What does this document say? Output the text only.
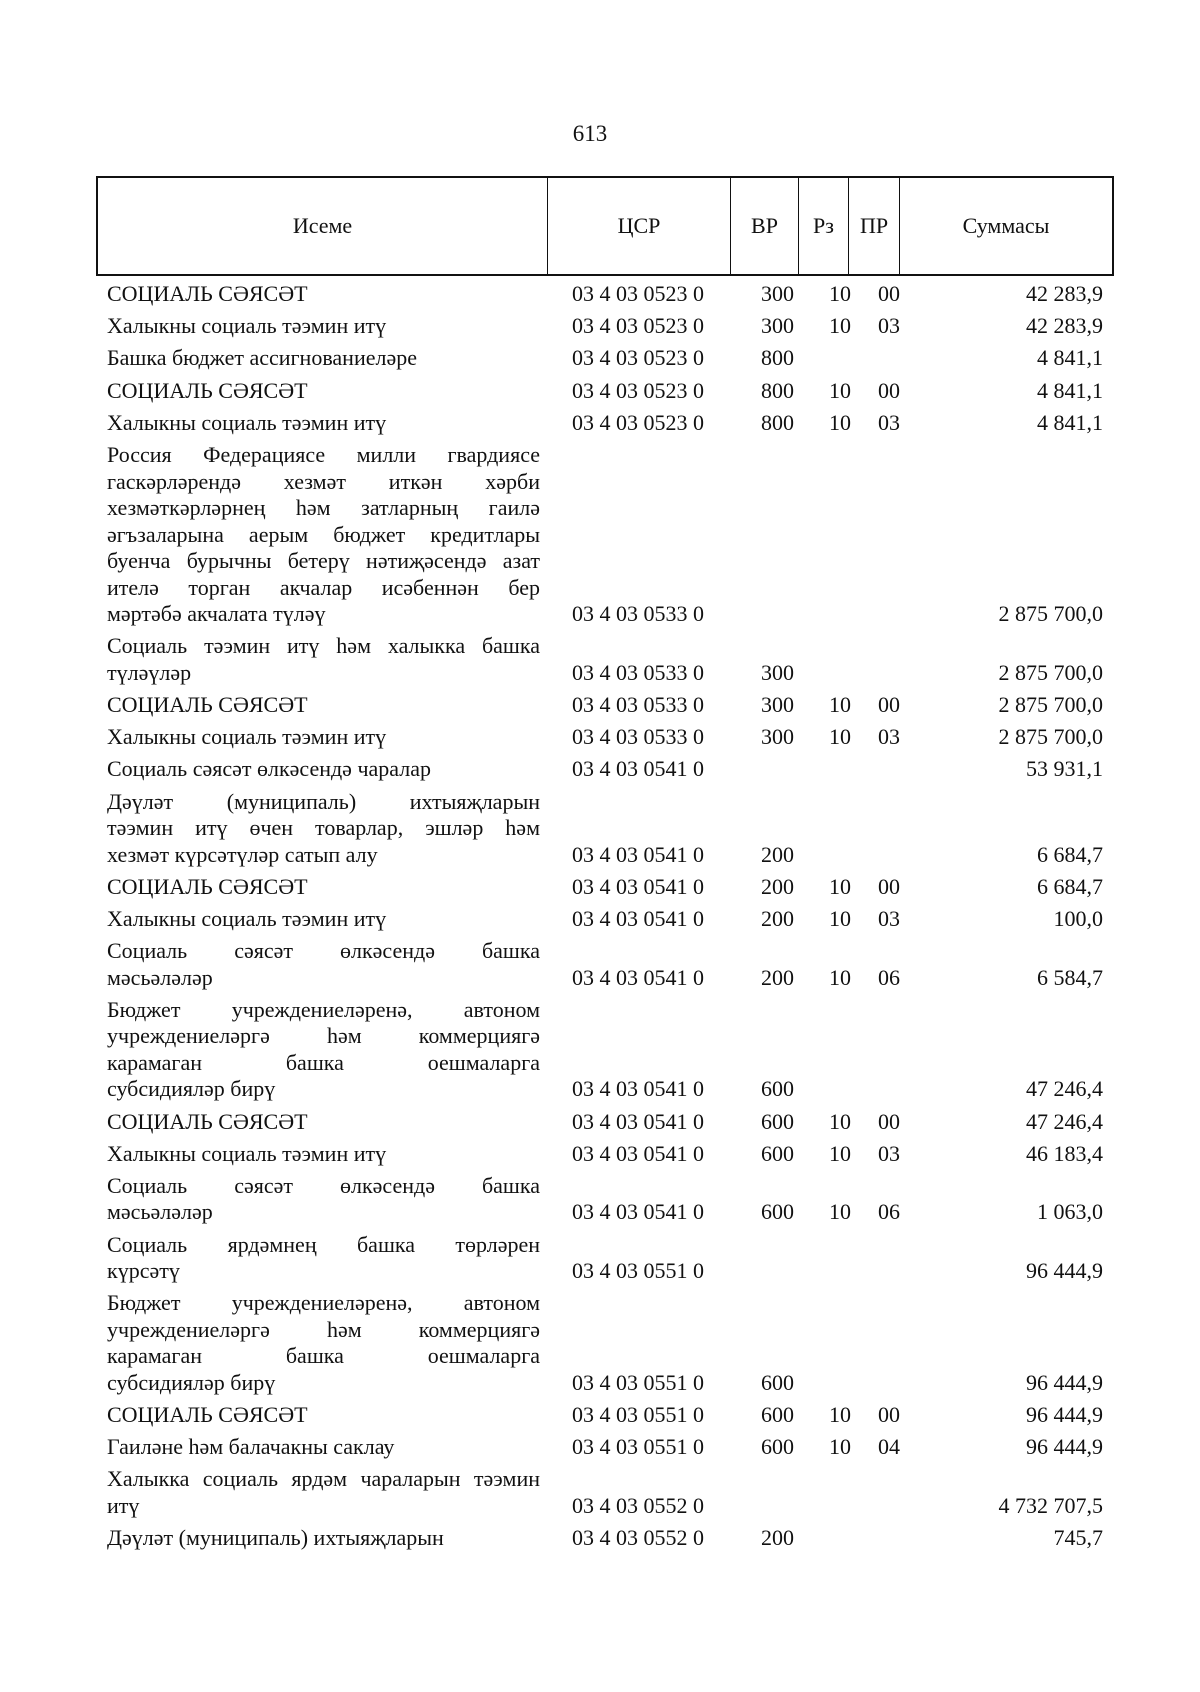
613
Исеме	ЦСР	ВР	Рз	ПР	Суммасы
СОЦИАЛЬ СӘЯСӘТ	03 4 03 0523 0	300 10 00	42 283,9
Халыкны социаль тәэмин итү	03 4 03 0523 0	300 10 03	42 283,9
Башка бюджет ассигнованиеләре	03 4 03 0523 0	800	4 841,1
СОЦИАЛЬ СӘЯСӘТ	03 4 03 0523 0	800 10 00	4 841,1
Халыкны социаль тәэмин итү	03 4 03 0523 0	800 10 03	4 841,1
Россия Федерациясе милли гвардиясе
гаскәрләрендә хезмәт иткән хәрби
хезмәткәрләрнең һәм затларның гаилә
әгъзаларына аерым бюджет кредитлары
буенча бурычны бетерү нәтиҗәсендә азат
ителә торган акчалар исәбеннән бер
мәртәбә акчалата түләү	03 4 03 0533 0	2 875 700,0
Социаль тәэмин итү һәм халыкка башка
түләүләр	03 4 03 0533 0	300	2 875 700,0
СОЦИАЛЬ СӘЯСӘТ	03 4 03 0533 0	300 10 00	2 875 700,0
Халыкны социаль тәэмин итү	03 4 03 0533 0	300 10 03	2 875 700,0
Социаль сәясәт өлкәсендә чаралар	03 4 03 0541 0	53 931,1
Дәүләт (муниципаль) ихтыяҗларын
тәэмин итү өчен товарлар, эшләр һәм
хезмәт күрсәтүләр сатып алу	03 4 03 0541 0	200	6 684,7
СОЦИАЛЬ СӘЯСӘТ	03 4 03 0541 0	200 10 00	6 684,7
Халыкны социаль тәэмин итү	03 4 03 0541 0	200 10 03	100,0
Социаль сәясәт өлкәсендә башка
мәсьәләләр	03 4 03 0541 0	200 10 06	6 584,7
Бюджет учреждениеләренә, автоном
учреждениеләргә һәм коммерциягә
карамаган башка оешмаларга
субсидияләр бирү	03 4 03 0541 0	600	47 246,4
СОЦИАЛЬ СӘЯСӘТ	03 4 03 0541 0	600 10 00	47 246,4
Халыкны социаль тәэмин итү	03 4 03 0541 0	600 10 03	46 183,4
Социаль сәясәт өлкәсендә башка
мәсьәләләр	03 4 03 0541 0	600 10 06	1 063,0
Социаль ярдәмнең башка төрләрен
күрсәтү	03 4 03 0551 0	96 444,9
Бюджет учреждениеләренә, автоном
учреждениеләргә һәм коммерциягә
карамаган башка оешмаларга
субсидияләр бирү	03 4 03 0551 0	600	96 444,9
СОЦИАЛЬ СӘЯСӘТ	03 4 03 0551 0	600 10 00	96 444,9
Гаиләне һәм балачакны саклау	03 4 03 0551 0	600 10 04	96 444,9
Халыкка социаль ярдәм чараларын тәэмин
итү	03 4 03 0552 0	4 732 707,5
Дәүләт (муниципаль) ихтыяҗларын	03 4 03 0552 0	200	745,7
